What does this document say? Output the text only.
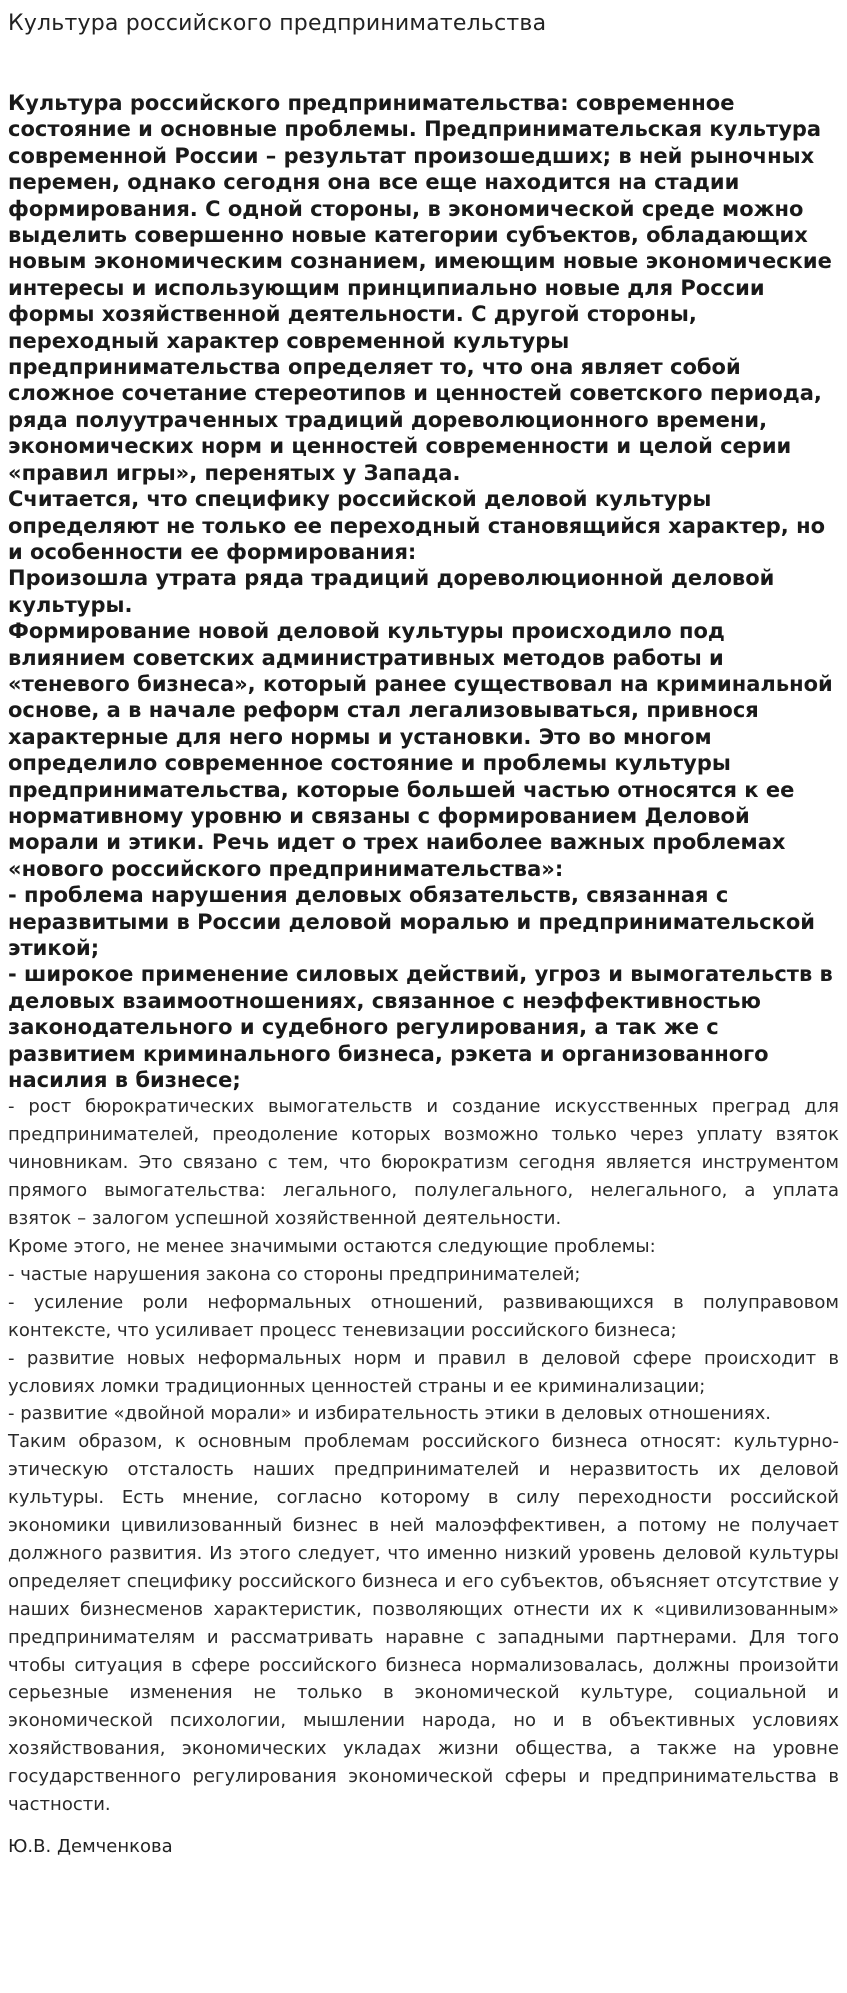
Культура российского предпринимательства

Культура российского предпринимательства: современное состояние и основные проблемы. Предпринимательская культура современной России – результат произошедших; в ней рыночных перемен, однако сегодня она все еще находится на стадии формирования. С одной стороны, в экономической среде можно выделить совершенно новые категории субъектов, обладающих новым экономическим сознанием, имеющим новые экономические интересы и использующим принципиально новые для России формы хозяйственной деятельности. С другой стороны, переходный характер современной культуры предпринимательства определяет то, что она являет собой сложное сочетание стереотипов и ценностей советского периода, ряда полуутраченных традиций дореволюционного времени, экономических норм и ценностей современности и целой серии «правил игры», перенятых у Запада.

Считается, что специфику российской деловой культуры определяют не только ее переходный становящийся характер, но и особенности ее формирования:

Произошла утрата ряда традиций дореволюционной деловой культуры.

Формирование новой деловой культуры происходило под влиянием советских административных методов работы и «теневого бизнеса», который ранее существовал на криминальной основе, а в начале реформ стал легализовываться, привнося характерные для него нормы и установки. Это во многом определило современное состояние и проблемы культуры предпринимательства, которые большей частью относятся к ее нормативному уровню и связаны с формированием Деловой морали и этики. Речь идет о трех наиболее важных проблемах «нового российского предпринимательства»:

- проблема нарушения деловых обязательств, связанная с неразвитыми в России деловой моралью и предпринимательской этикой;

- широкое применение силовых действий, угроз и вымогательств в деловых взаимоотношениях, связанное с неэффективностью законодательного и судебного регулирования, а так же с развитием криминального бизнеса, рэкета и организованного насилия в бизнесе;

- рост бюрократических вымогательств и создание искусственных преград для предпринимателей, преодоление которых возможно только через уплату взяток чиновникам. Это связано с тем, что бюрократизм сегодня является инструментом прямого вымогательства: легального, полулегального, нелегального, а уплата взяток – залогом успешной хозяйственной деятельности.

Кроме этого, не менее значимыми остаются следующие проблемы:

- частые нарушения закона со стороны предпринимателей;

- усиление роли неформальных отношений, развивающихся в полуправовом контексте, что усиливает процесс теневизации российского бизнеса;

- развитие новых неформальных норм и правил в деловой сфере происходит в условиях ломки традиционных ценностей страны и ее криминализации;

- развитие «двойной морали» и избирательность этики в деловых отношениях.

Таким образом, к основным проблемам российского бизнеса относят: культурно-этическую отсталость наших предпринимателей и неразвитость их деловой культуры. Есть мнение, согласно которому в силу переходности российской экономики цивилизованный бизнес в ней малоэффективен, а потому не получает должного развития. Из этого следует, что именно низкий уровень деловой культуры определяет специфику российского бизнеса и его субъектов, объясняет отсутствие у наших бизнесменов характеристик, позволяющих отнести их к «цивилизованным» предпринимателям и рассматривать наравне с западными партнерами. Для того чтобы ситуация в сфере российского бизнеса нормализовалась, должны произойти серьезные изменения не только в экономической культуре, социальной и экономической психологии, мышлении народа, но и в объективных условиях хозяйствования, экономических укладах жизни общества, а также на уровне государственного регулирования экономической сферы и предпринимательства в частности.

Ю.В. Демченкова
